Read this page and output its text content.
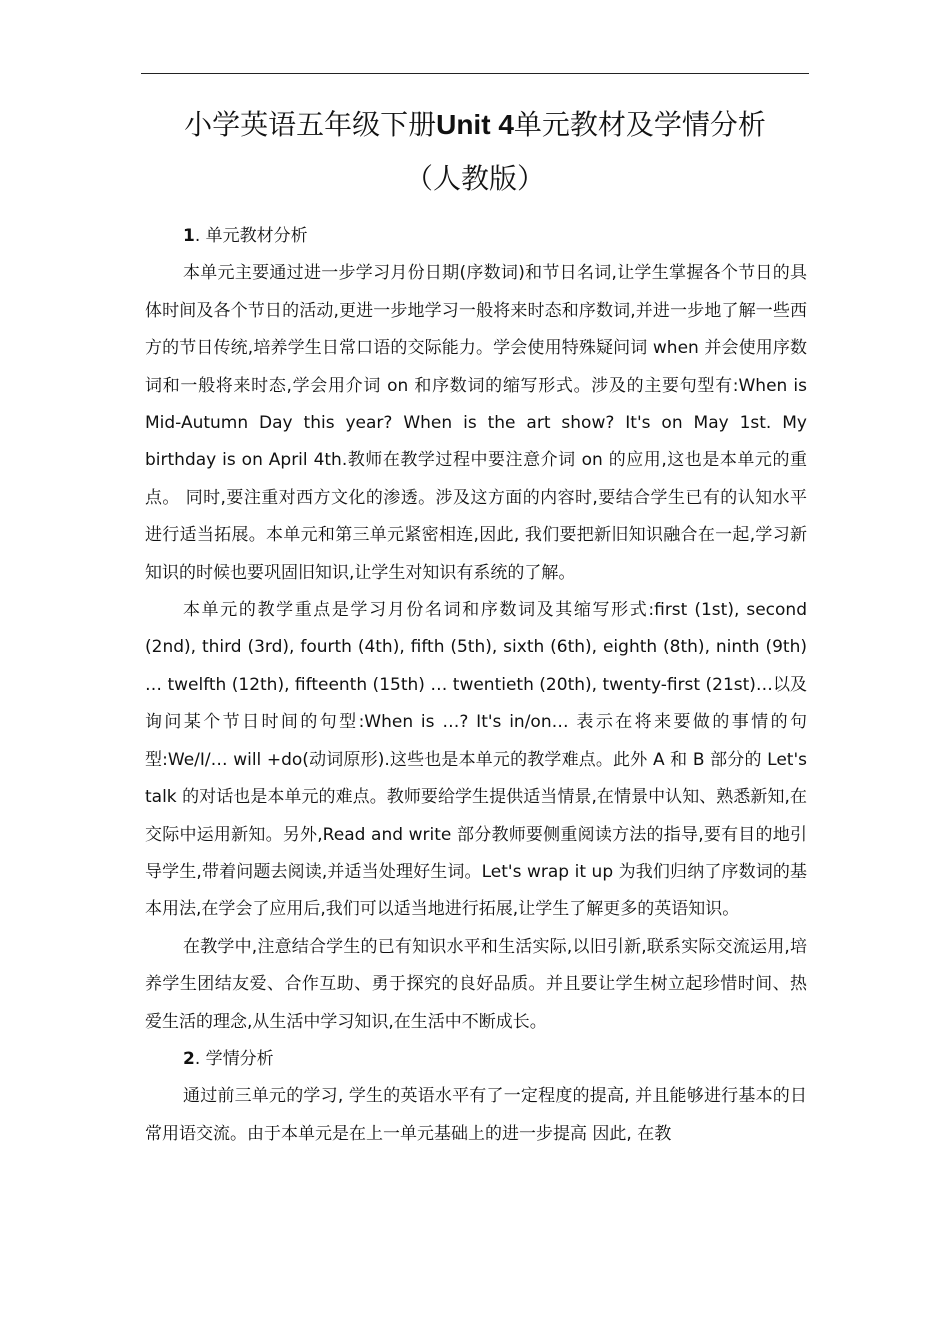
小学英语五年级下册Unit 4单元教材及学情分析
（人教版）

1. 单元教材分析

本单元主要通过进一步学习月份日期(序数词)和节日名词,让学生掌握各个节日的具体时间及各个节日的活动,更进一步地学习一般将来时态和序数词,并进一步地了解一些西方的节日传统,培养学生日常口语的交际能力。学会使用特殊疑问词 when 并会使用序数词和一般将来时态,学会用介词 on 和序数词的缩写形式。涉及的主要句型有:When is Mid-Autumn Day this year? When is the art show? It's on May 1st. My birthday is on April 4th.教师在教学过程中要注意介词 on 的应用,这也是本单元的重点。 同时,要注重对西方文化的渗透。涉及这方面的内容时,要结合学生已有的认知水平进行适当拓展。本单元和第三单元紧密相连,因此, 我们要把新旧知识融合在一起,学习新知识的时候也要巩固旧知识,让学生对知识有系统的了解。

本单元的教学重点是学习月份名词和序数词及其缩写形式:first (1st), second (2nd), third (3rd), fourth (4th), fifth (5th), sixth (6th), eighth (8th), ninth (9th) … twelfth (12th), fifteenth (15th) … twentieth (20th), twenty-first (21st)…以及询问某个节日时间的句型:When is …? It's in/on… 表示在将来要做的事情的句型:We/I/… will +do(动词原形).这些也是本单元的教学难点。此外 A 和 B 部分的 Let's talk 的对话也是本单元的难点。教师要给学生提供适当情景,在情景中认知、熟悉新知,在交际中运用新知。另外,Read and write 部分教师要侧重阅读方法的指导,要有目的地引导学生,带着问题去阅读,并适当处理好生词。Let's wrap it up 为我们归纳了序数词的基本用法,在学会了应用后,我们可以适当地进行拓展,让学生了解更多的英语知识。

在教学中,注意结合学生的已有知识水平和生活实际,以旧引新,联系实际交流运用,培养学生团结友爱、合作互助、勇于探究的良好品质。并且要让学生树立起珍惜时间、热爱生活的理念,从生活中学习知识,在生活中不断成长。

2. 学情分析

通过前三单元的学习, 学生的英语水平有了一定程度的提高, 并且能够进行基本的日常用语交流。由于本单元是在上一单元基础上的进一步提高 因此, 在教
